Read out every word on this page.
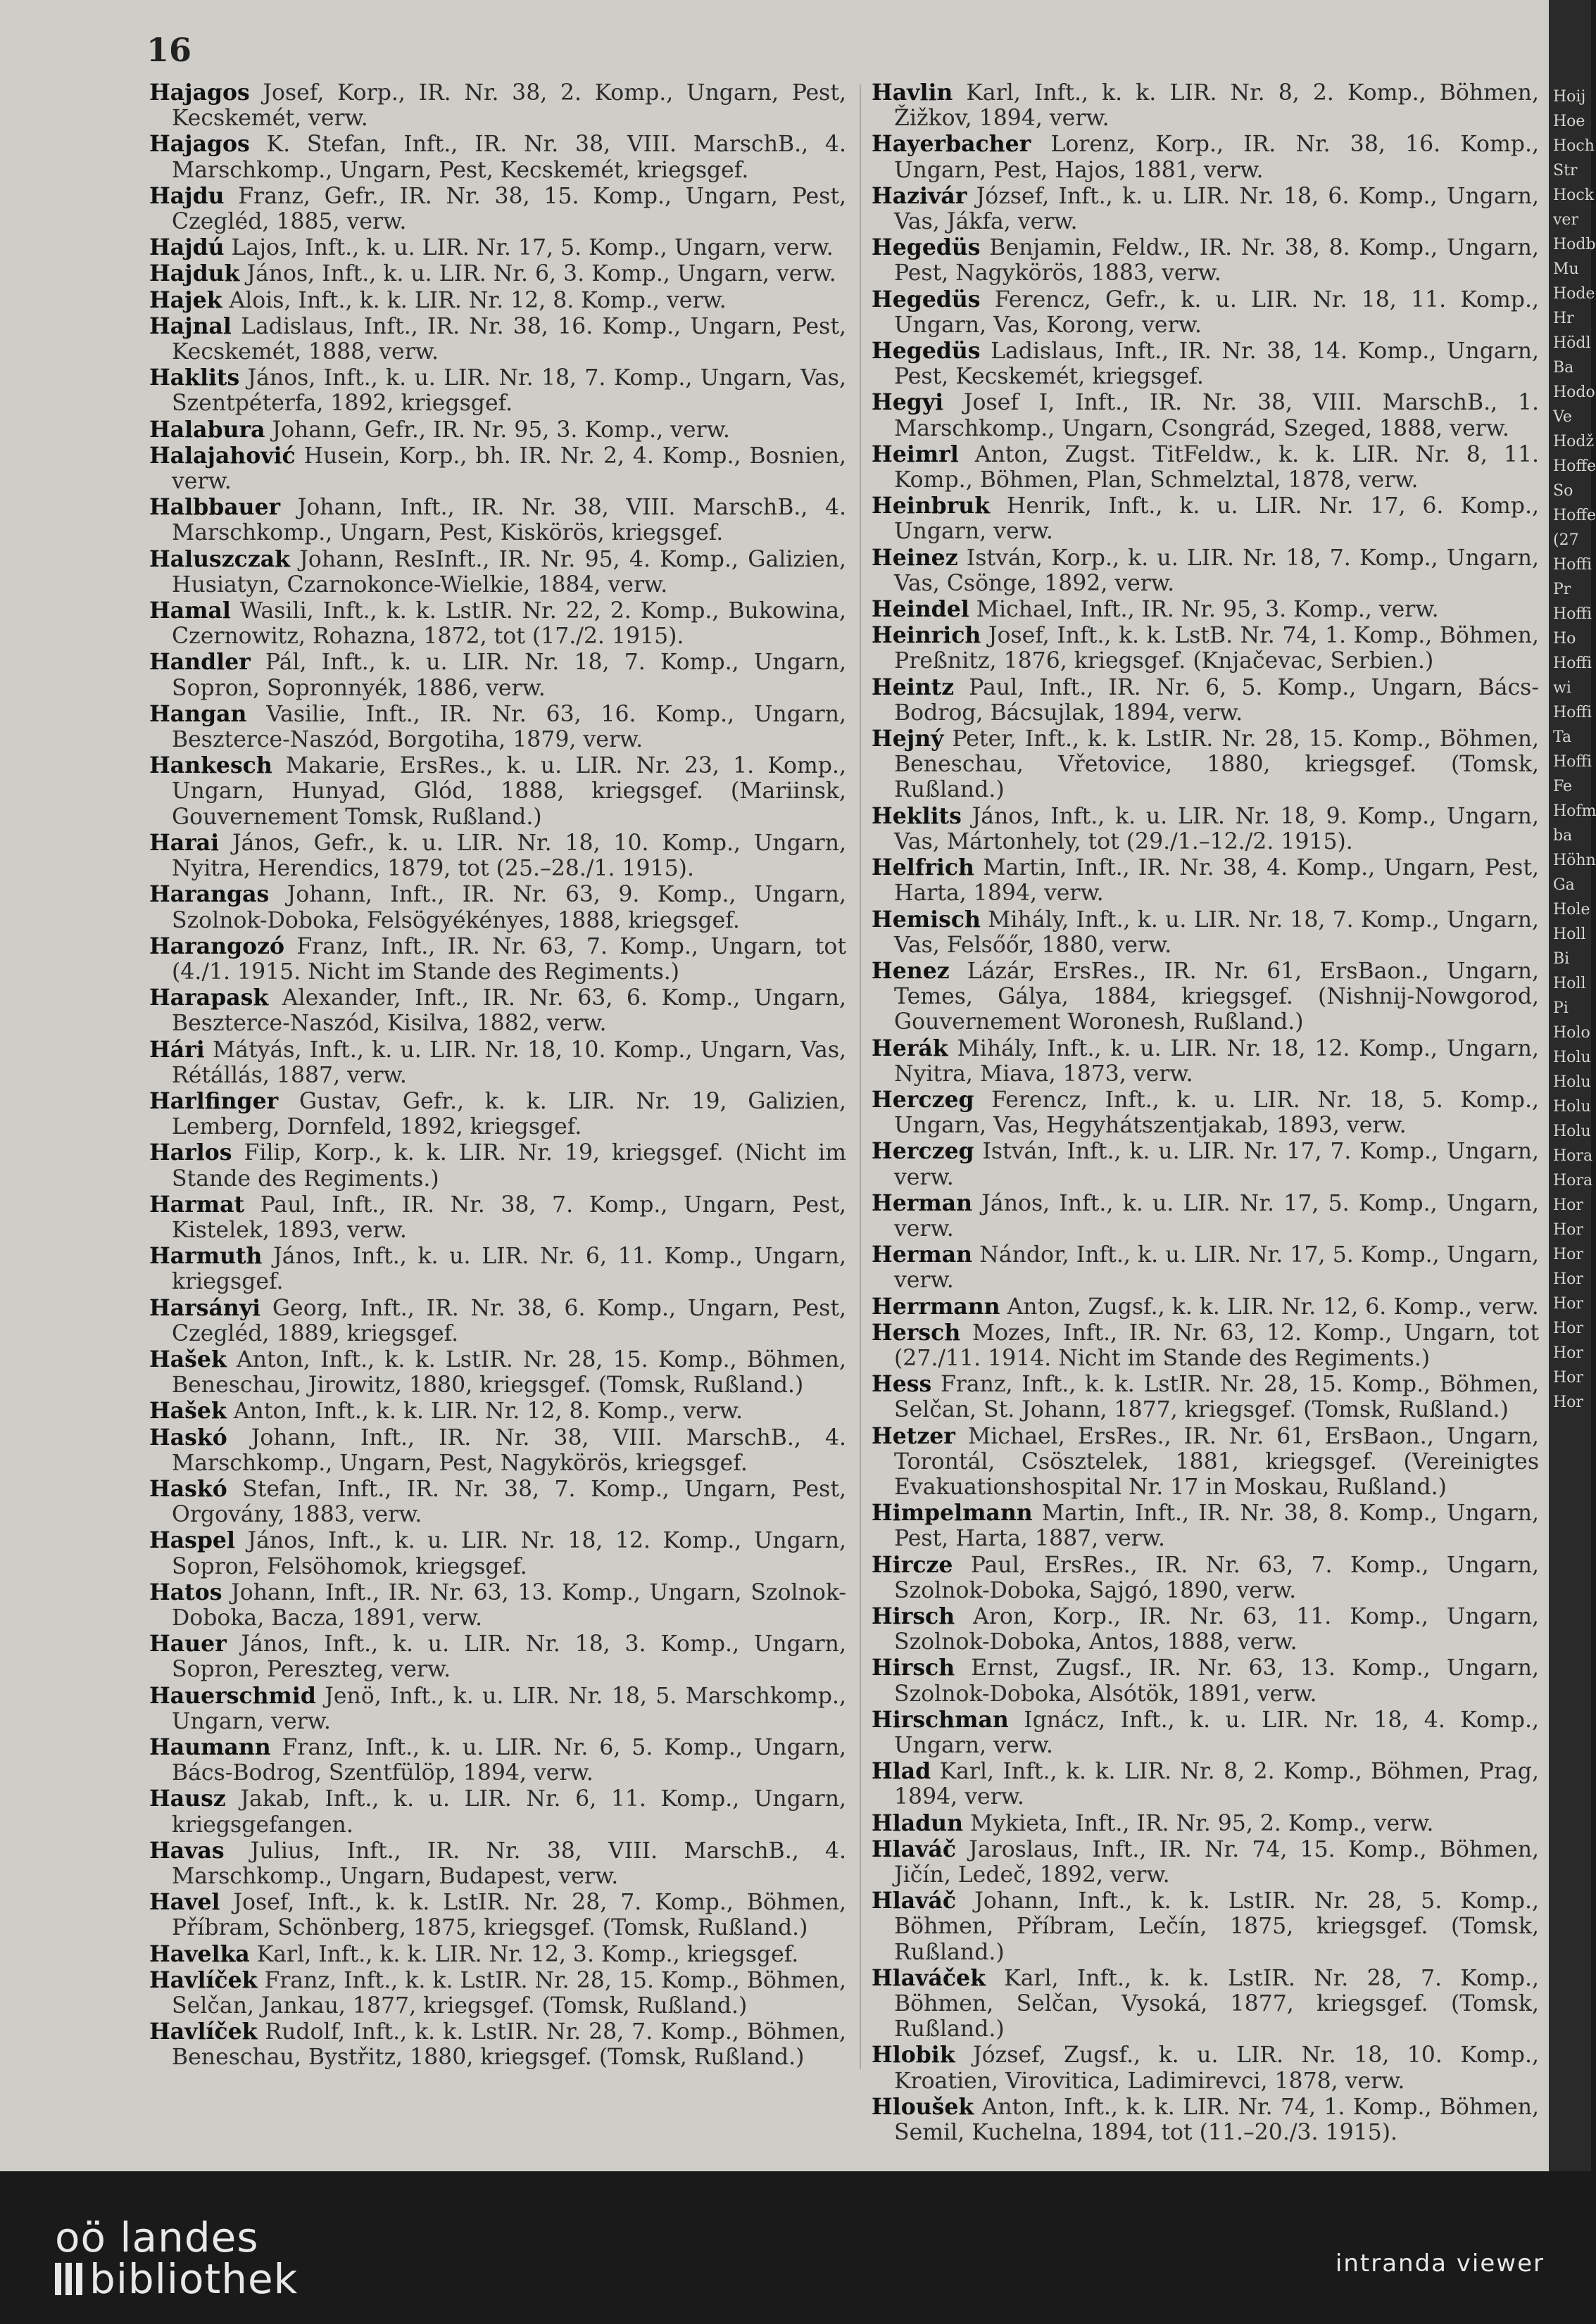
16

Hajagos Josef, Korp., IR. Nr. 38, 2. Komp., Ungarn, Pest, Kecskemét, verw.

Hajagos K. Stefan, Inft., IR. Nr. 38, VIII. MarschB., 4. Marschkomp., Ungarn, Pest, Kecskemét, kriegsgef.

Hajdu Franz, Gefr., IR. Nr. 38, 15. Komp., Ungarn, Pest, Czegléd, 1885, verw.

Hajdú Lajos, Inft., k. u. LIR. Nr. 17, 5. Komp., Ungarn, verw.

Hajduk János, Inft., k. u. LIR. Nr. 6, 3. Komp., Ungarn, verw.

Hajek Alois, Inft., k. k. LIR. Nr. 12, 8. Komp., verw.

Hajnal Ladislaus, Inft., IR. Nr. 38, 16. Komp., Ungarn, Pest, Kecskemét, 1888, verw.

Haklits János, Inft., k. u. LIR. Nr. 18, 7. Komp., Ungarn, Vas, Szentpéterfa, 1892, kriegsgef.

Halabura Johann, Gefr., IR. Nr. 95, 3. Komp., verw.

Halajahović Husein, Korp., bh. IR. Nr. 2, 4. Komp., Bosnien, verw.

Halbbauer Johann, Inft., IR. Nr. 38, VIII. MarschB., 4. Marschkomp., Ungarn, Pest, Kiskörös, kriegsgef.

Haluszczak Johann, ResInft., IR. Nr. 95, 4. Komp., Galizien, Husiatyn, Czarnokonce-Wielkie, 1884, verw.

Hamal Wasili, Inft., k. k. LstIR. Nr. 22, 2. Komp., Bukowina, Czernowitz, Rohazna, 1872, tot (17./2. 1915).

Handler Pál, Inft., k. u. LIR. Nr. 18, 7. Komp., Ungarn, Sopron, Sopronnyék, 1886, verw.

Hangan Vasilie, Inft., IR. Nr. 63, 16. Komp., Ungarn, Beszterce-Naszód, Borgotiha, 1879, verw.

Hankesch Makarie, ErsRes., k. u. LIR. Nr. 23, 1. Komp., Ungarn, Hunyad, Glód, 1888, kriegsgef. (Mariinsk, Gouvernement Tomsk, Rußland.)

Harai János, Gefr., k. u. LIR. Nr. 18, 10. Komp., Ungarn, Nyitra, Herendics, 1879, tot (25.–28./1. 1915).

Harangas Johann, Inft., IR. Nr. 63, 9. Komp., Ungarn, Szolnok-Doboka, Felsögyékényes, 1888, kriegsgef.

Harangozó Franz, Inft., IR. Nr. 63, 7. Komp., Ungarn, tot (4./1. 1915. Nicht im Stande des Regiments.)

Harapask Alexander, Inft., IR. Nr. 63, 6. Komp., Ungarn, Beszterce-Naszód, Kisilva, 1882, verw.

Hári Mátyás, Inft., k. u. LIR. Nr. 18, 10. Komp., Ungarn, Vas, Rétállás, 1887, verw.

Harlfinger Gustav, Gefr., k. k. LIR. Nr. 19, Galizien, Lemberg, Dornfeld, 1892, kriegsgef.

Harlos Filip, Korp., k. k. LIR. Nr. 19, kriegsgef. (Nicht im Stande des Regiments.)

Harmat Paul, Inft., IR. Nr. 38, 7. Komp., Ungarn, Pest, Kistelek, 1893, verw.

Harmuth János, Inft., k. u. LIR. Nr. 6, 11. Komp., Ungarn, kriegsgef.

Harsányi Georg, Inft., IR. Nr. 38, 6. Komp., Ungarn, Pest, Czegléd, 1889, kriegsgef.

Hašek Anton, Inft., k. k. LstIR. Nr. 28, 15. Komp., Böhmen, Beneschau, Jirowitz, 1880, kriegsgef. (Tomsk, Rußland.)

Hašek Anton, Inft., k. k. LIR. Nr. 12, 8. Komp., verw.

Haskó Johann, Inft., IR. Nr. 38, VIII. MarschB., 4. Marschkomp., Ungarn, Pest, Nagykörös, kriegsgef.

Haskó Stefan, Inft., IR. Nr. 38, 7. Komp., Ungarn, Pest, Orgovány, 1883, verw.

Haspel János, Inft., k. u. LIR. Nr. 18, 12. Komp., Ungarn, Sopron, Felsöhomok, kriegsgef.

Hatos Johann, Inft., IR. Nr. 63, 13. Komp., Ungarn, Szolnok-Doboka, Bacza, 1891, verw.

Hauer János, Inft., k. u. LIR. Nr. 18, 3. Komp., Ungarn, Sopron, Pereszteg, verw.

Hauerschmid Jenö, Inft., k. u. LIR. Nr. 18, 5. Marschkomp., Ungarn, verw.

Haumann Franz, Inft., k. u. LIR. Nr. 6, 5. Komp., Ungarn, Bács-Bodrog, Szentfülöp, 1894, verw.

Hausz Jakab, Inft., k. u. LIR. Nr. 6, 11. Komp., Ungarn, kriegsgefangen.

Havas Julius, Inft., IR. Nr. 38, VIII. MarschB., 4. Marschkomp., Ungarn, Budapest, verw.

Havel Josef, Inft., k. k. LstIR. Nr. 28, 7. Komp., Böhmen, Příbram, Schönberg, 1875, kriegsgef. (Tomsk, Rußland.)

Havelka Karl, Inft., k. k. LIR. Nr. 12, 3. Komp., kriegsgef.

Havlíček Franz, Inft., k. k. LstIR. Nr. 28, 15. Komp., Böhmen, Selčan, Jankau, 1877, kriegsgef. (Tomsk, Rußland.)

Havlíček Rudolf, Inft., k. k. LstIR. Nr. 28, 7. Komp., Böhmen, Beneschau, Bystřitz, 1880, kriegsgef. (Tomsk, Rußland.)

Havlin Karl, Inft., k. k. LIR. Nr. 8, 2. Komp., Böhmen, Žižkov, 1894, verw.

Hayerbacher Lorenz, Korp., IR. Nr. 38, 16. Komp., Ungarn, Pest, Hajos, 1881, verw.

Hazivár József, Inft., k. u. LIR. Nr. 18, 6. Komp., Ungarn, Vas, Jákfa, verw.

Hegedüs Benjamin, Feldw., IR. Nr. 38, 8. Komp., Ungarn, Pest, Nagykörös, 1883, verw.

Hegedüs Ferencz, Gefr., k. u. LIR. Nr. 18, 11. Komp., Ungarn, Vas, Korong, verw.

Hegedüs Ladislaus, Inft., IR. Nr. 38, 14. Komp., Ungarn, Pest, Kecskemét, kriegsgef.

Hegyi Josef I, Inft., IR. Nr. 38, VIII. MarschB., 1. Marschkomp., Ungarn, Csongrád, Szeged, 1888, verw.

Heimrl Anton, Zugst. TitFeldw., k. k. LIR. Nr. 8, 11. Komp., Böhmen, Plan, Schmelztal, 1878, verw.

Heinbruk Henrik, Inft., k. u. LIR. Nr. 17, 6. Komp., Ungarn, verw.

Heinez István, Korp., k. u. LIR. Nr. 18, 7. Komp., Ungarn, Vas, Csönge, 1892, verw.

Heindel Michael, Inft., IR. Nr. 95, 3. Komp., verw.

Heinrich Josef, Inft., k. k. LstB. Nr. 74, 1. Komp., Böhmen, Preßnitz, 1876, kriegsgef. (Knjačevac, Serbien.)

Heintz Paul, Inft., IR. Nr. 6, 5. Komp., Ungarn, Bács-Bodrog, Bácsujlak, 1894, verw.

Hejný Peter, Inft., k. k. LstIR. Nr. 28, 15. Komp., Böhmen, Beneschau, Vřetovice, 1880, kriegsgef. (Tomsk, Rußland.)

Heklits János, Inft., k. u. LIR. Nr. 18, 9. Komp., Ungarn, Vas, Mártonhely, tot (29./1.–12./2. 1915).

Helfrich Martin, Inft., IR. Nr. 38, 4. Komp., Ungarn, Pest, Harta, 1894, verw.

Hemisch Mihály, Inft., k. u. LIR. Nr. 18, 7. Komp., Ungarn, Vas, Felsőőr, 1880, verw.

Henez Lázár, ErsRes., IR. Nr. 61, ErsBaon., Ungarn, Temes, Gálya, 1884, kriegsgef. (Nishnij-Nowgorod, Gouvernement Woronesh, Rußland.)

Herák Mihály, Inft., k. u. LIR. Nr. 18, 12. Komp., Ungarn, Nyitra, Miava, 1873, verw.

Herczeg Ferencz, Inft., k. u. LIR. Nr. 18, 5. Komp., Ungarn, Vas, Hegyhátszentjakab, 1893, verw.

Herczeg István, Inft., k. u. LIR. Nr. 17, 7. Komp., Ungarn, verw.

Herman János, Inft., k. u. LIR. Nr. 17, 5. Komp., Ungarn, verw.

Herman Nándor, Inft., k. u. LIR. Nr. 17, 5. Komp., Ungarn, verw.

Herrmann Anton, Zugsf., k. k. LIR. Nr. 12, 6. Komp., verw.

Hersch Mozes, Inft., IR. Nr. 63, 12. Komp., Ungarn, tot (27./11. 1914. Nicht im Stande des Regiments.)

Hess Franz, Inft., k. k. LstIR. Nr. 28, 15. Komp., Böhmen, Selčan, St. Johann, 1877, kriegsgef. (Tomsk, Rußland.)

Hetzer Michael, ErsRes., IR. Nr. 61, ErsBaon., Ungarn, Torontál, Csösztelek, 1881, kriegsgef. (Vereinigtes Evakuationshospital Nr. 17 in Moskau, Rußland.)

Himpelmann Martin, Inft., IR. Nr. 38, 8. Komp., Ungarn, Pest, Harta, 1887, verw.

Hircze Paul, ErsRes., IR. Nr. 63, 7. Komp., Ungarn, Szolnok-Doboka, Sajgó, 1890, verw.

Hirsch Aron, Korp., IR. Nr. 63, 11. Komp., Ungarn, Szolnok-Doboka, Antos, 1888, verw.

Hirsch Ernst, Zugsf., IR. Nr. 63, 13. Komp., Ungarn, Szolnok-Doboka, Alsótök, 1891, verw.

Hirschman Ignácz, Inft., k. u. LIR. Nr. 18, 4. Komp., Ungarn, verw.

Hlad Karl, Inft., k. k. LIR. Nr. 8, 2. Komp., Böhmen, Prag, 1894, verw.

Hladun Mykieta, Inft., IR. Nr. 95, 2. Komp., verw.

Hlaváč Jaroslaus, Inft., IR. Nr. 74, 15. Komp., Böhmen, Jičín, Ledeč, 1892, verw.

Hlaváč Johann, Inft., k. k. LstIR. Nr. 28, 5. Komp., Böhmen, Příbram, Lečín, 1875, kriegsgef. (Tomsk, Rußland.)

Hlaváček Karl, Inft., k. k. LstIR. Nr. 28, 7. Komp., Böhmen, Selčan, Vysoká, 1877, kriegsgef. (Tomsk, Rußland.)

Hlobik József, Zugsf., k. u. LIR. Nr. 18, 10. Komp., Kroatien, Virovitica, Ladimirevci, 1878, verw.

Hloušek Anton, Inft., k. k. LIR. Nr. 74, 1. Komp., Böhmen, Semil, Kuchelna, 1894, tot (11.–20./3. 1915).

Hoij
Hoe
Hoch
Str
Hock
ver
Hodb
Mu
Hode
Hr
Hödl
Ba
Hodo
Ve
Hodž
Hoffe
So
Hoffe
(27
Hoffi
Pr
Hoffi
Ho
Hoffi
wi
Hoffi
Ta
Hoffi
Fe
Hofm
ba
Höhn
Ga
Hole
Holl
Bi
Holl
Pi
Holo
Holu
Holu
Holu
Holu
Hora
Hora
Hor
Hor
Hor
Hor
Hor
Hor
Hor
Hor
Hor
oö landes
bibliothek	intranda viewer
